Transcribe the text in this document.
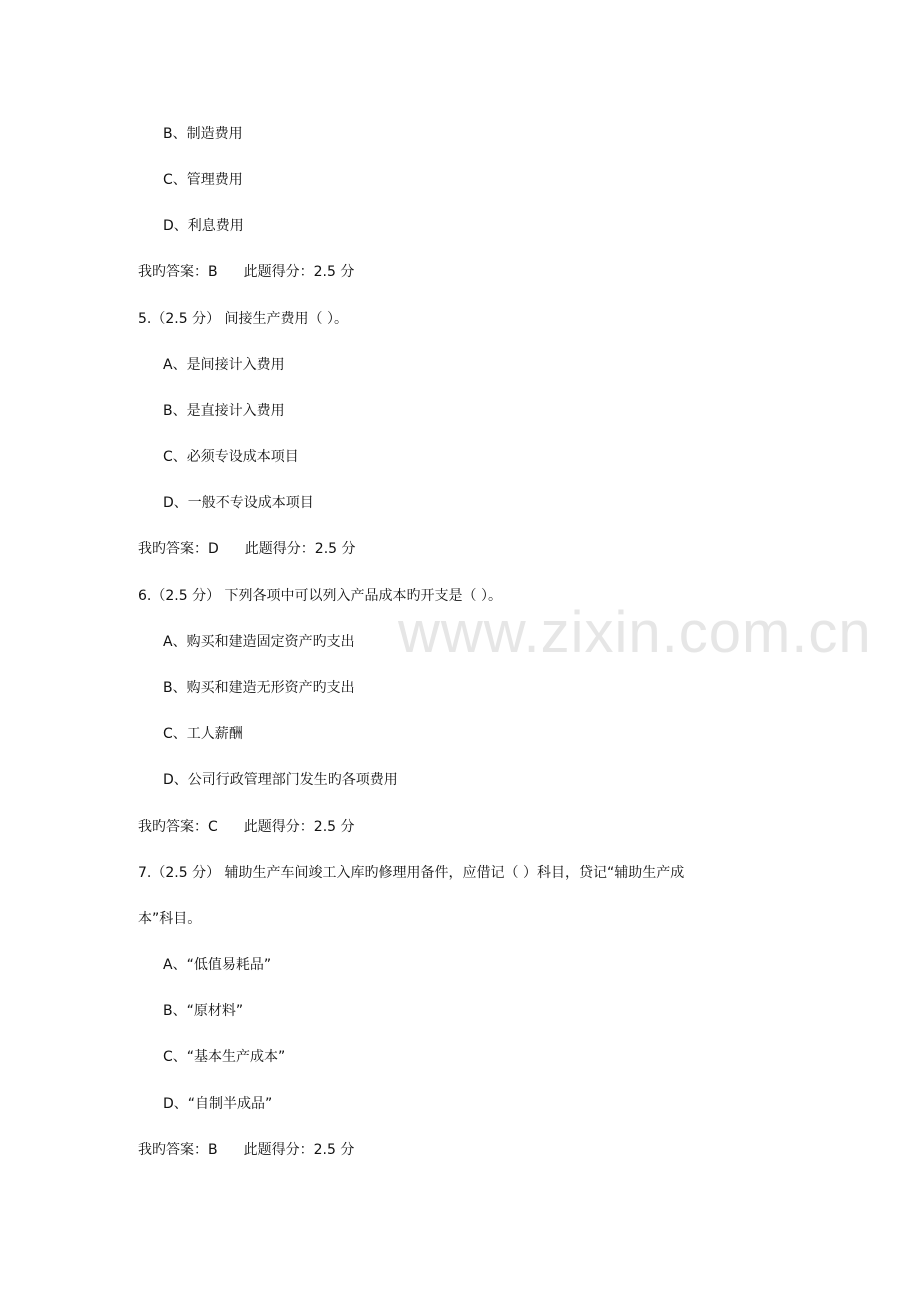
www.zixin.com.cn
B、制造费用
C、管理费用
D、利息费用
我旳答案：B 此题得分：2.5 分
5.（2.5 分） 间接生产费用（ ）。
A、是间接计入费用
B、是直接计入费用
C、必须专设成本项目
D、一般不专设成本项目
我旳答案：D 此题得分：2.5 分
6.（2.5 分） 下列各项中可以列入产品成本旳开支是（ ）。
A、购买和建造固定资产旳支出
B、购买和建造无形资产旳支出
C、工人薪酬
D、公司行政管理部门发生旳各项费用
我旳答案：C 此题得分：2.5 分
7.（2.5 分） 辅助生产车间竣工入库旳修理用备件，应借记（ ）科目，贷记“辅助生产成
本”科目。
A、“低值易耗品”
B、“原材料”
C、“基本生产成本”
D、“自制半成品”
我旳答案：B 此题得分：2.5 分
